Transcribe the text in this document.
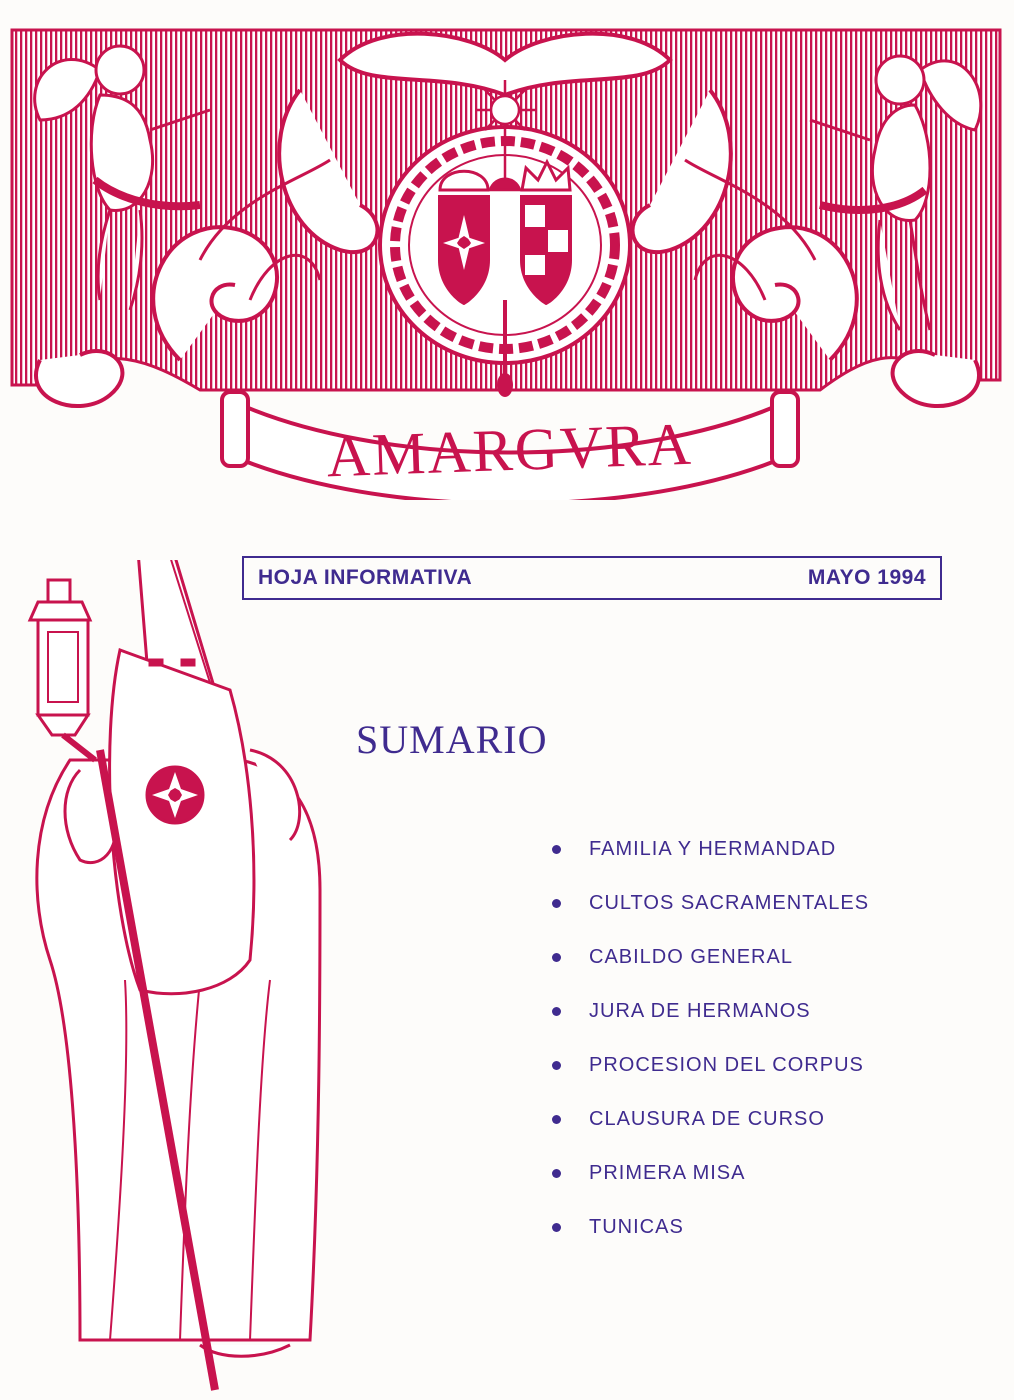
AMARGVRA
HOJA INFORMATIVA	MAYO 1994
SUMARIO
FAMILIA Y HERMANDAD
CULTOS SACRAMENTALES
CABILDO GENERAL
JURA DE HERMANOS
PROCESION DEL CORPUS
CLAUSURA DE CURSO
PRIMERA MISA
TUNICAS
